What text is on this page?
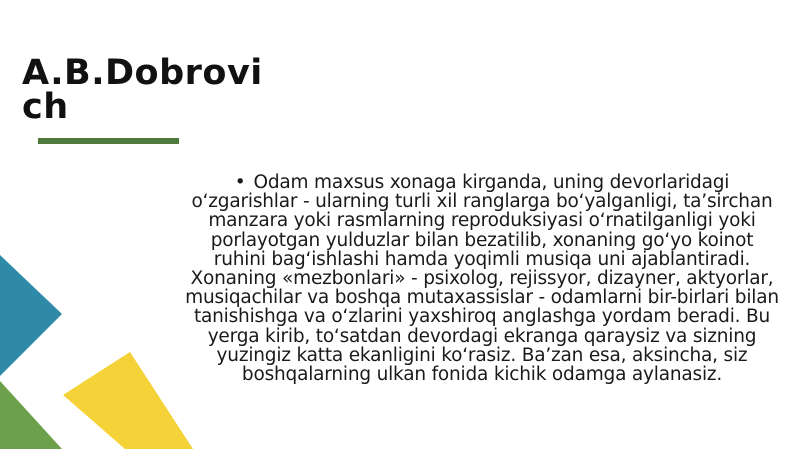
A.B.Dobrovich

• Odam maxsus xonaga kirganda, uning devorlaridagi o‘zgarishlar - ularning turli xil ranglarga bo‘yalganligi, ta’sirchan manzara yoki rasmlarning reproduksiyasi o‘rnatilganligi yoki porlayotgan yulduzlar bilan bezatilib, xonaning go‘yo koinot ruhini bag‘ishlashi hamda yoqimli musiqa uni ajablantiradi. Xonaning «mezbonlari» - psixolog, rejissyor, dizayner, aktyorlar, musiqachilar va boshqa mutaxassislar - odamlarni bir-birlari bilan tanishishga va o‘zlarini yaxshiroq anglashga yordam beradi. Bu yerga kirib, to‘satdan devordagi ekranga qaraysiz va sizning yuzingiz katta ekanligini ko‘rasiz. Ba’zan esa, aksincha, siz boshqalarning ulkan fonida kichik odamga aylanasiz.
